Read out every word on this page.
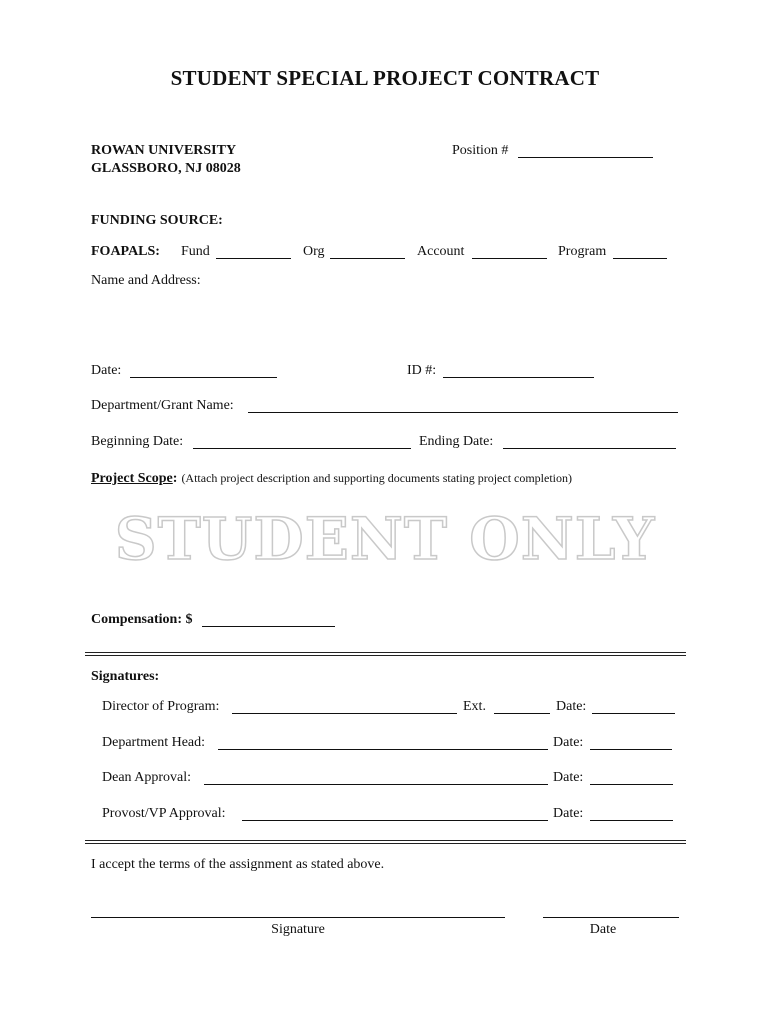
STUDENT SPECIAL PROJECT CONTRACT
ROWAN UNIVERSITY
GLASSBORO, NJ 08028
Position #
FUNDING SOURCE:
FOAPALS: Fund	Org	Account	Program
Name and Address:
Date:	ID #:
Department/Grant Name:
Beginning Date:	Ending Date:
Project Scope: (Attach project description and supporting documents stating project completion)
STUDENT ONLY
Compensation: $
Signatures:
Director of Program:	Ext.	Date:
Department Head:	Date:
Dean Approval:	Date:
Provost/VP Approval:	Date:
I accept the terms of the assignment as stated above.
Signature	Date
